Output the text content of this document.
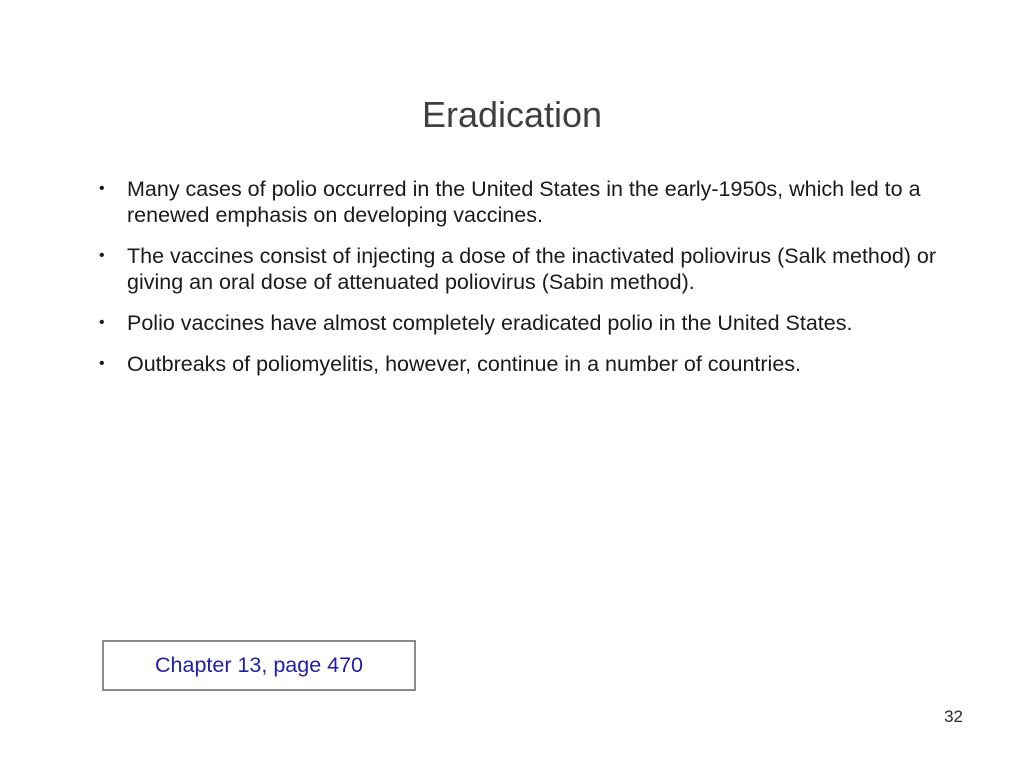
Eradication
• Many cases of polio occurred in the United States in the early-1950s, which led to a renewed emphasis on developing vaccines.
• The vaccines consist of injecting a dose of the inactivated poliovirus (Salk method) or giving an oral dose of attenuated poliovirus (Sabin method).
• Polio vaccines have almost completely eradicated polio in the United States.
• Outbreaks of poliomyelitis, however, continue in a number of countries.
Chapter 13, page 470
32
